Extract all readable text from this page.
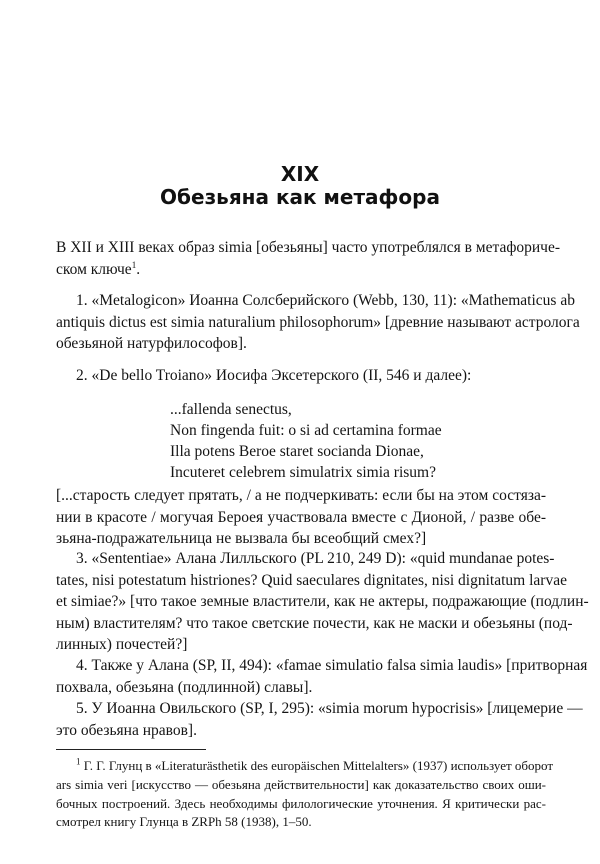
XIX
Обезьяна как метафора
В XII и XIII веках образ simia [обезьяны] часто употреблялся в метафориче-
ском ключе$^1$.
1. «Metalogicon» Иоанна Солсберийского (Webb, 130, 11): «Mathematicus ab
antiquis dictus est simia naturalium philosophorum» [древние называют астролога
обезьяной натурфилософов].
2. «De bello Troiano» Иосифа Эксетерского (II, 546 и далее):
...fallenda senectus,
Non fingenda fuit: o si ad certamina formae
Illa potens Beroe staret socianda Dionae,
Incuteret celebrem simulatrix simia risum?
[...старость следует прятать, / а не подчеркивать: если бы на этом состяза-
нии в красоте / могучая Бероея участвовала вместе с Дионой, / разве обе-
зьяна-подражательница не вызвала бы всеобщий смех?]
3. «Sententiae» Алана Лилльского (PL 210, 249 D): «quid mundanae potes-
tates, nisi potestatum histriones? Quid saeculares dignitates, nisi dignitatum larvae
et simiae?» [что такое земные властители, как не актеры, подражающие (подлин-
ным) властителям? что такое светские почести, как не маски и обезьяны (под-
линных) почестей?]
4. Также у Алана (SP, II, 494): «famae simulatio falsa simia laudis» [притворная
похвала, обезьяна (подлинной) славы].
5. У Иоанна Овильского (SP, I, 295): «simia morum hypocrisis» [лицемерие —
это обезьяна нравов].
$^1$ Г. Г. Глунц в «Literaturästhetik des europäischen Mittelalters» (1937) использует оборот
ars simia veri [искусство — обезьяна действительности] как доказательство своих оши-
бочных построений. Здесь необходимы филологические уточнения. Я критически рас-
смотрел книгу Глунца в ZRPh 58 (1938), 1–50.
